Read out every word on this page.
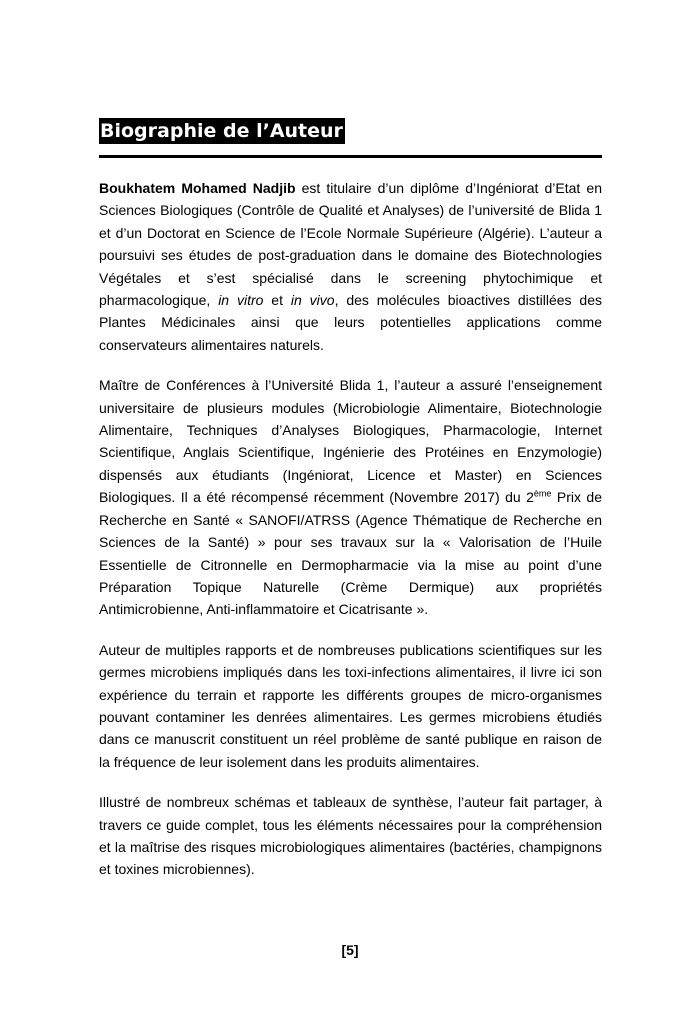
Biographie de l’Auteur

Boukhatem Mohamed Nadjib est titulaire d’un diplôme d’Ingéniorat d’Etat en Sciences Biologiques (Contrôle de Qualité et Analyses) de l’université de Blida 1 et d’un Doctorat en Science de l’Ecole Normale Supérieure (Algérie). L’auteur a poursuivi ses études de post-graduation dans le domaine des Biotechnologies Végétales et s’est spécialisé dans le screening phytochimique et pharmacologique, in vitro et in vivo, des molécules bioactives distillées des Plantes Médicinales ainsi que leurs potentielles applications comme conservateurs alimentaires naturels.

Maître de Conférences à l’Université Blida 1, l’auteur a assuré l’enseignement universitaire de plusieurs modules (Microbiologie Alimentaire, Biotechnologie Alimentaire, Techniques d’Analyses Biologiques, Pharmacologie, Internet Scientifique, Anglais Scientifique, Ingénierie des Protéines en Enzymologie) dispensés aux étudiants (Ingéniorat, Licence et Master) en Sciences Biologiques. Il a été récompensé récemment (Novembre 2017) du 2ème Prix de Recherche en Santé « SANOFI/ATRSS (Agence Thématique de Recherche en Sciences de la Santé) » pour ses travaux sur la « Valorisation de l’Huile Essentielle de Citronnelle en Dermopharmacie via la mise au point d’une Préparation Topique Naturelle (Crème Dermique) aux propriétés Antimicrobienne, Anti-inflammatoire et Cicatrisante ».

Auteur de multiples rapports et de nombreuses publications scientifiques sur les germes microbiens impliqués dans les toxi-infections alimentaires, il livre ici son expérience du terrain et rapporte les différents groupes de micro-organismes pouvant contaminer les denrées alimentaires. Les germes microbiens étudiés dans ce manuscrit constituent un réel problème de santé publique en raison de la fréquence de leur isolement dans les produits alimentaires.

Illustré de nombreux schémas et tableaux de synthèse, l’auteur fait partager, à travers ce guide complet, tous les éléments nécessaires pour la compréhension et la maîtrise des risques microbiologiques alimentaires (bactéries, champignons et toxines microbiennes).

[5]
